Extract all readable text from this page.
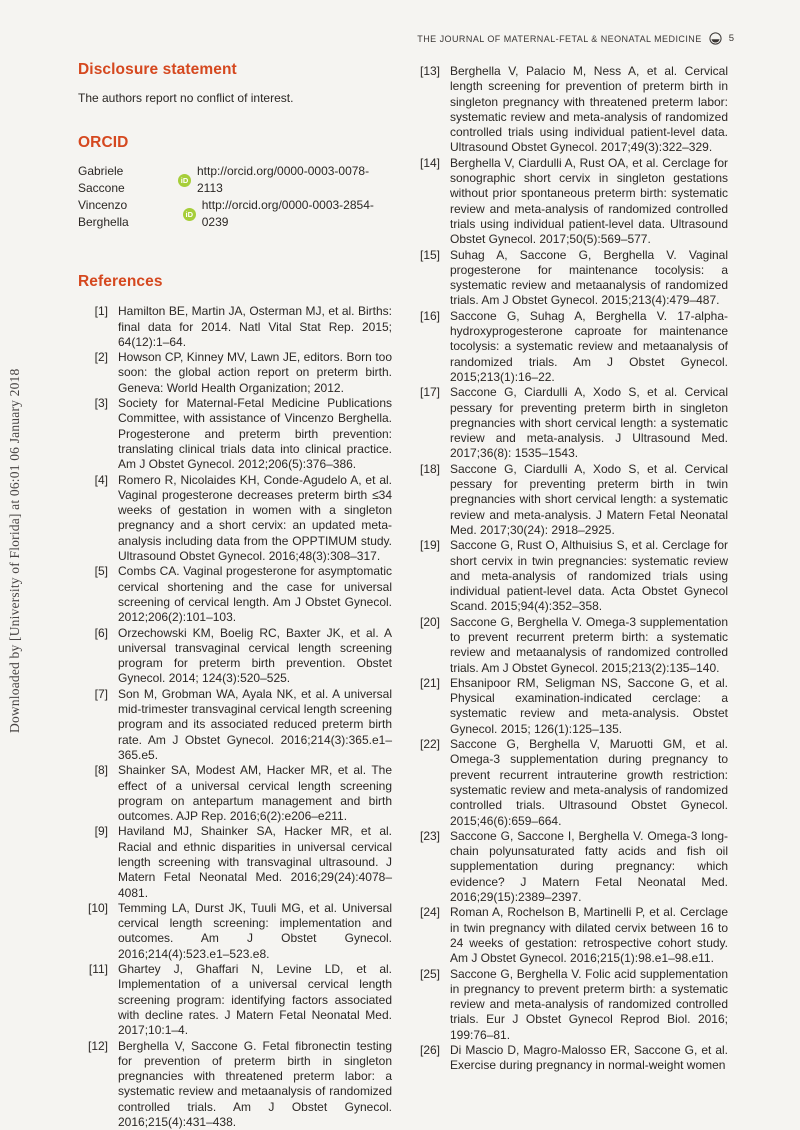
Downloaded by [University of Florida] at 06:01 06 January 2018
THE JOURNAL OF MATERNAL-FETAL & NEONATAL MEDICINE	5
Disclosure statement

The authors report no conflict of interest.

ORCID
Gabriele Saccone
iD
http://orcid.org/0000-0003-0078-2113
Vincenzo Berghella
iD
http://orcid.org/0000-0003-2854-0239
References
[1] Hamilton BE, Martin JA, Osterman MJ, et al. Births: final data for 2014. Natl Vital Stat Rep. 2015; 64(12):1–64.
[2] Howson CP, Kinney MV, Lawn JE, editors. Born too soon: the global action report on preterm birth. Geneva: World Health Organization; 2012.
[3] Society for Maternal-Fetal Medicine Publications Committee, with assistance of Vincenzo Berghella. Progesterone and preterm birth prevention: translating clinical trials data into clinical practice. Am J Obstet Gynecol. 2012;206(5):376–386.
[4] Romero R, Nicolaides KH, Conde-Agudelo A, et al. Vaginal progesterone decreases preterm birth ≤34 weeks of gestation in women with a singleton pregnancy and a short cervix: an updated meta-analysis including data from the OPPTIMUM study. Ultrasound Obstet Gynecol. 2016;48(3):308–317.
[5] Combs CA. Vaginal progesterone for asymptomatic cervical shortening and the case for universal screening of cervical length. Am J Obstet Gynecol. 2012;206(2):101–103.
[6] Orzechowski KM, Boelig RC, Baxter JK, et al. A universal transvaginal cervical length screening program for preterm birth prevention. Obstet Gynecol. 2014; 124(3):520–525.
[7] Son M, Grobman WA, Ayala NK, et al. A universal mid-trimester transvaginal cervical length screening program and its associated reduced preterm birth rate. Am J Obstet Gynecol. 2016;214(3):365.e1–365.e5.
[8] Shainker SA, Modest AM, Hacker MR, et al. The effect of a universal cervical length screening program on antepartum management and birth outcomes. AJP Rep. 2016;6(2):e206–e211.
[9] Haviland MJ, Shainker SA, Hacker MR, et al. Racial and ethnic disparities in universal cervical length screening with transvaginal ultrasound. J Matern Fetal Neonatal Med. 2016;29(24):4078–4081.
[10] Temming LA, Durst JK, Tuuli MG, et al. Universal cervical length screening: implementation and outcomes. Am J Obstet Gynecol. 2016;214(4):523.e1–523.e8.
[11] Ghartey J, Ghaffari N, Levine LD, et al. Implementation of a universal cervical length screening program: identifying factors associated with decline rates. J Matern Fetal Neonatal Med. 2017;10:1–4.
[12] Berghella V, Saccone G. Fetal fibronectin testing for prevention of preterm birth in singleton pregnancies with threatened preterm labor: a systematic review and metaanalysis of randomized controlled trials. Am J Obstet Gynecol. 2016;215(4):431–438.
[13] Berghella V, Palacio M, Ness A, et al. Cervical length screening for prevention of preterm birth in singleton pregnancy with threatened preterm labor: systematic review and meta-analysis of randomized controlled trials using individual patient-level data. Ultrasound Obstet Gynecol. 2017;49(3):322–329.
[14] Berghella V, Ciardulli A, Rust OA, et al. Cerclage for sonographic short cervix in singleton gestations without prior spontaneous preterm birth: systematic review and meta-analysis of randomized controlled trials using individual patient-level data. Ultrasound Obstet Gynecol. 2017;50(5):569–577.
[15] Suhag A, Saccone G, Berghella V. Vaginal progesterone for maintenance tocolysis: a systematic review and metaanalysis of randomized trials. Am J Obstet Gynecol. 2015;213(4):479–487.
[16] Saccone G, Suhag A, Berghella V. 17-alpha-hydroxyprogesterone caproate for maintenance tocolysis: a systematic review and metaanalysis of randomized trials. Am J Obstet Gynecol. 2015;213(1):16–22.
[17] Saccone G, Ciardulli A, Xodo S, et al. Cervical pessary for preventing preterm birth in singleton pregnancies with short cervical length: a systematic review and meta-analysis. J Ultrasound Med. 2017;36(8): 1535–1543.
[18] Saccone G, Ciardulli A, Xodo S, et al. Cervical pessary for preventing preterm birth in twin pregnancies with short cervical length: a systematic review and meta-analysis. J Matern Fetal Neonatal Med. 2017;30(24): 2918–2925.
[19] Saccone G, Rust O, Althuisius S, et al. Cerclage for short cervix in twin pregnancies: systematic review and meta-analysis of randomized trials using individual patient-level data. Acta Obstet Gynecol Scand. 2015;94(4):352–358.
[20] Saccone G, Berghella V. Omega-3 supplementation to prevent recurrent preterm birth: a systematic review and metaanalysis of randomized controlled trials. Am J Obstet Gynecol. 2015;213(2):135–140.
[21] Ehsanipoor RM, Seligman NS, Saccone G, et al. Physical examination-indicated cerclage: a systematic review and meta-analysis. Obstet Gynecol. 2015; 126(1):125–135.
[22] Saccone G, Berghella V, Maruotti GM, et al. Omega-3 supplementation during pregnancy to prevent recurrent intrauterine growth restriction: systematic review and meta-analysis of randomized controlled trials. Ultrasound Obstet Gynecol. 2015;46(6):659–664.
[23] Saccone G, Saccone I, Berghella V. Omega-3 long-chain polyunsaturated fatty acids and fish oil supplementation during pregnancy: which evidence? J Matern Fetal Neonatal Med. 2016;29(15):2389–2397.
[24] Roman A, Rochelson B, Martinelli P, et al. Cerclage in twin pregnancy with dilated cervix between 16 to 24 weeks of gestation: retrospective cohort study. Am J Obstet Gynecol. 2016;215(1):98.e1–98.e11.
[25] Saccone G, Berghella V. Folic acid supplementation in pregnancy to prevent preterm birth: a systematic review and meta-analysis of randomized controlled trials. Eur J Obstet Gynecol Reprod Biol. 2016; 199:76–81.
[26] Di Mascio D, Magro-Malosso ER, Saccone G, et al. Exercise during pregnancy in normal-weight women
